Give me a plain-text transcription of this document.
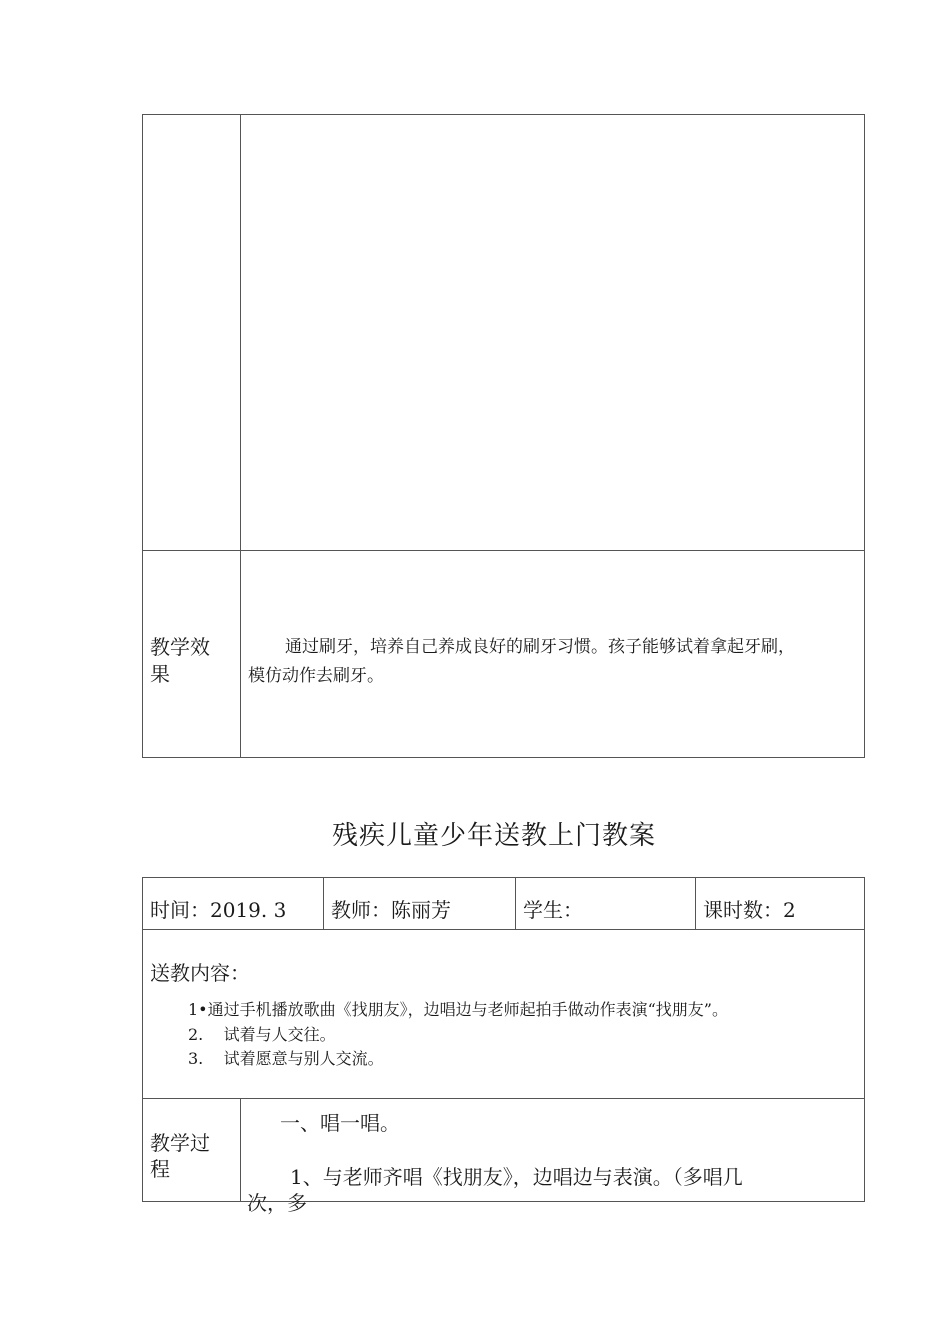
教学效
果
通过刷牙，培养自己养成良好的刷牙习惯。孩子能够试着拿起牙刷，
模仿动作去刷牙。
残疾儿童少年送教上门教案
时间：2019. 3 教师：陈丽芳	学生：	课时数：2
送教内容：
1•通过手机播放歌曲《找朋友》，边唱边与老师起拍手做动作表演“找朋友”。
2.    试着与人交往。
3.    试着愿意与别人交流。
教学过
程
一、唱一唱。
1、与老师齐唱《找朋友》，边唱边与表演。（多唱几
次，多
